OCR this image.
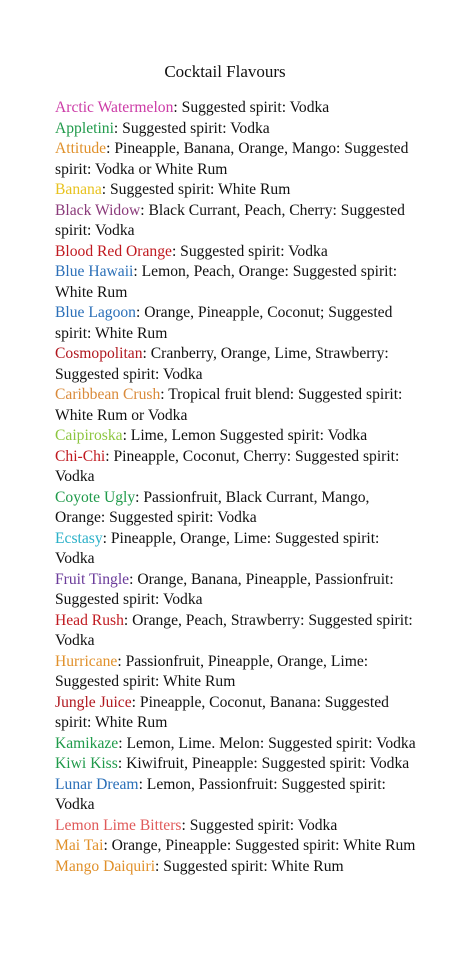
Cocktail Flavours
Arctic Watermelon: Suggested spirit: Vodka
Appletini: Suggested spirit: Vodka
Attitude: Pineapple, Banana, Orange, Mango: Suggested spirit: Vodka or White Rum
Banana: Suggested spirit: White Rum
Black Widow: Black Currant, Peach, Cherry: Suggested spirit: Vodka
Blood Red Orange: Suggested spirit: Vodka
Blue Hawaii: Lemon, Peach, Orange: Suggested spirit: White Rum
Blue Lagoon: Orange, Pineapple, Coconut; Suggested spirit: White Rum
Cosmopolitan: Cranberry, Orange, Lime, Strawberry: Suggested spirit: Vodka
Caribbean Crush: Tropical fruit blend: Suggested spirit: White Rum or Vodka
Caipiroska: Lime, Lemon Suggested spirit: Vodka
Chi-Chi: Pineapple, Coconut, Cherry: Suggested spirit: Vodka
Coyote Ugly: Passionfruit, Black Currant, Mango, Orange: Suggested spirit: Vodka
Ecstasy: Pineapple, Orange, Lime: Suggested spirit: Vodka
Fruit Tingle: Orange, Banana, Pineapple, Passionfruit: Suggested spirit: Vodka
Head Rush: Orange, Peach, Strawberry: Suggested spirit: Vodka
Hurricane: Passionfruit, Pineapple, Orange, Lime: Suggested spirit: White Rum
Jungle Juice: Pineapple, Coconut, Banana: Suggested spirit: White Rum
Kamikaze: Lemon, Lime. Melon: Suggested spirit: Vodka
Kiwi Kiss: Kiwifruit, Pineapple: Suggested spirit: Vodka
Lunar Dream: Lemon, Passionfruit: Suggested spirit: Vodka
Lemon Lime Bitters: Suggested spirit: Vodka
Mai Tai: Orange, Pineapple: Suggested spirit: White Rum
Mango Daiquiri: Suggested spirit: White Rum
